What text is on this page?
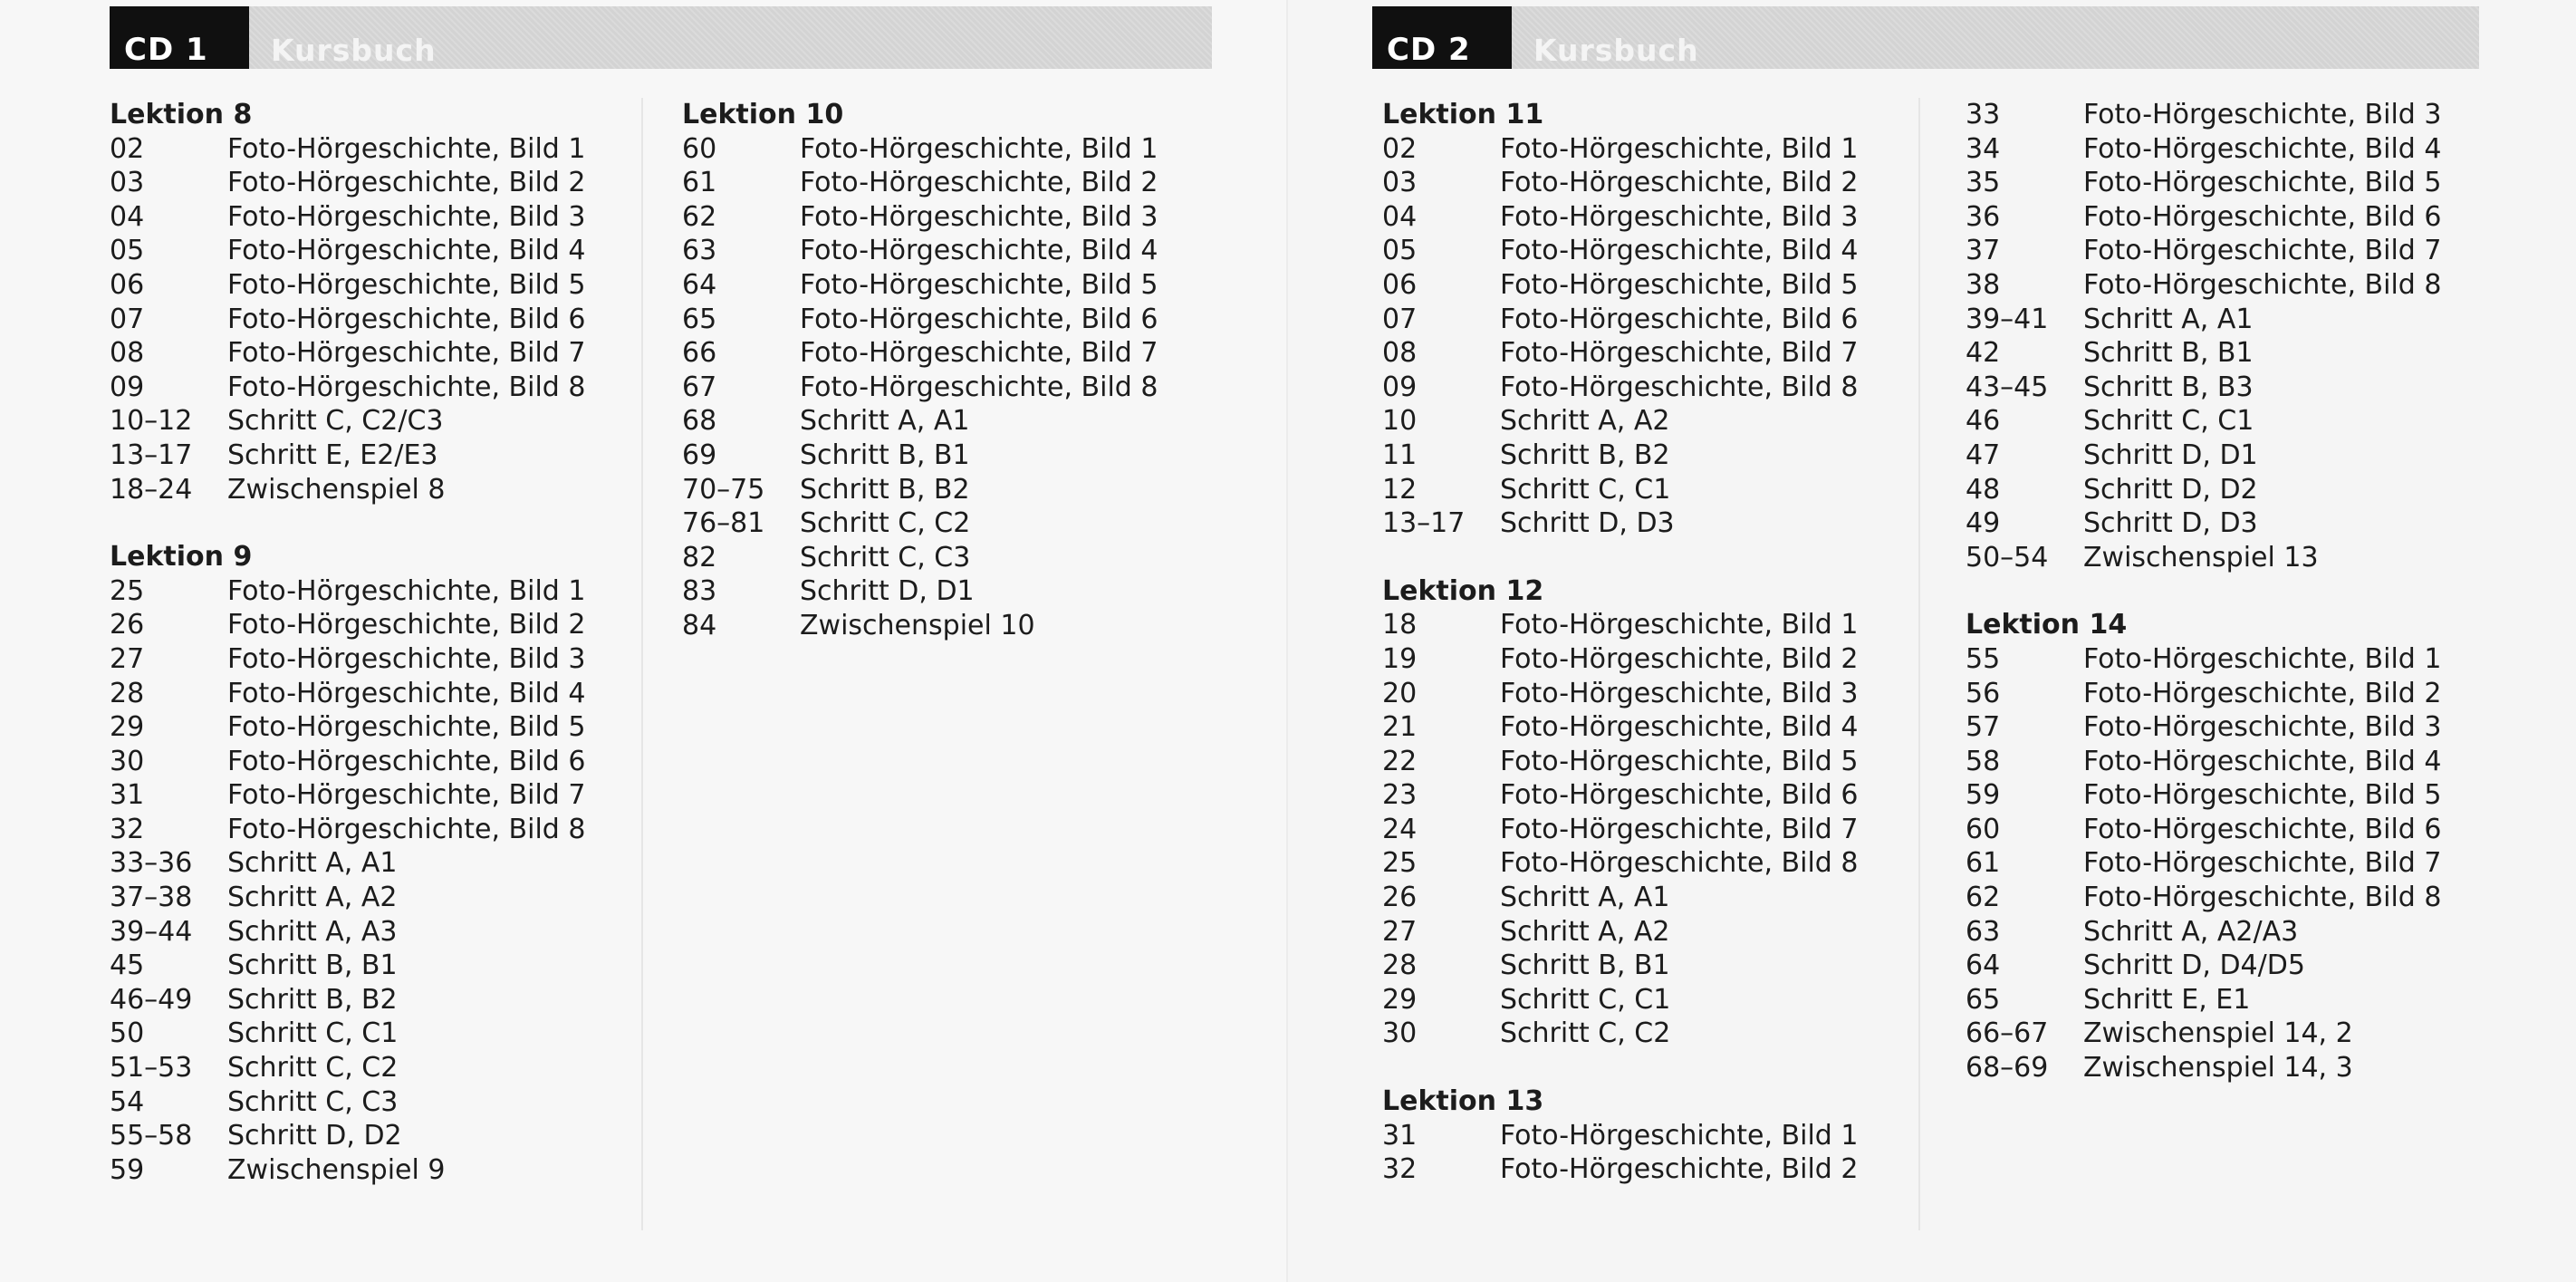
CD 1	Kursbuch
Lektion 8
02	Foto-Hörgeschichte, Bild 1
03	Foto-Hörgeschichte, Bild 2
04	Foto-Hörgeschichte, Bild 3
05	Foto-Hörgeschichte, Bild 4
06	Foto-Hörgeschichte, Bild 5
07	Foto-Hörgeschichte, Bild 6
08	Foto-Hörgeschichte, Bild 7
09	Foto-Hörgeschichte, Bild 8
10–12	Schritt C, C2/C3
13–17	Schritt E, E2/E3
18–24	Zwischenspiel 8
Lektion 9
25	Foto-Hörgeschichte, Bild 1
26	Foto-Hörgeschichte, Bild 2
27	Foto-Hörgeschichte, Bild 3
28	Foto-Hörgeschichte, Bild 4
29	Foto-Hörgeschichte, Bild 5
30	Foto-Hörgeschichte, Bild 6
31	Foto-Hörgeschichte, Bild 7
32	Foto-Hörgeschichte, Bild 8
33–36	Schritt A, A1
37–38	Schritt A, A2
39–44	Schritt A, A3
45	Schritt B, B1
46–49	Schritt B, B2
50	Schritt C, C1
51–53	Schritt C, C2
54	Schritt C, C3
55–58	Schritt D, D2
59	Zwischenspiel 9
Lektion 10
60	Foto-Hörgeschichte, Bild 1
61	Foto-Hörgeschichte, Bild 2
62	Foto-Hörgeschichte, Bild 3
63	Foto-Hörgeschichte, Bild 4
64	Foto-Hörgeschichte, Bild 5
65	Foto-Hörgeschichte, Bild 6
66	Foto-Hörgeschichte, Bild 7
67	Foto-Hörgeschichte, Bild 8
68	Schritt A, A1
69	Schritt B, B1
70–75	Schritt B, B2
76–81	Schritt C, C2
82	Schritt C, C3
83	Schritt D, D1
84	Zwischenspiel 10
CD 2	Kursbuch
Lektion 11
02	Foto-Hörgeschichte, Bild 1
03	Foto-Hörgeschichte, Bild 2
04	Foto-Hörgeschichte, Bild 3
05	Foto-Hörgeschichte, Bild 4
06	Foto-Hörgeschichte, Bild 5
07	Foto-Hörgeschichte, Bild 6
08	Foto-Hörgeschichte, Bild 7
09	Foto-Hörgeschichte, Bild 8
10	Schritt A, A2
11	Schritt B, B2
12	Schritt C, C1
13–17	Schritt D, D3
Lektion 12
18	Foto-Hörgeschichte, Bild 1
19	Foto-Hörgeschichte, Bild 2
20	Foto-Hörgeschichte, Bild 3
21	Foto-Hörgeschichte, Bild 4
22	Foto-Hörgeschichte, Bild 5
23	Foto-Hörgeschichte, Bild 6
24	Foto-Hörgeschichte, Bild 7
25	Foto-Hörgeschichte, Bild 8
26	Schritt A, A1
27	Schritt A, A2
28	Schritt B, B1
29	Schritt C, C1
30	Schritt C, C2
Lektion 13
31	Foto-Hörgeschichte, Bild 1
32	Foto-Hörgeschichte, Bild 2
33	Foto-Hörgeschichte, Bild 3
34	Foto-Hörgeschichte, Bild 4
35	Foto-Hörgeschichte, Bild 5
36	Foto-Hörgeschichte, Bild 6
37	Foto-Hörgeschichte, Bild 7
38	Foto-Hörgeschichte, Bild 8
39–41	Schritt A, A1
42	Schritt B, B1
43–45	Schritt B, B3
46	Schritt C, C1
47	Schritt D, D1
48	Schritt D, D2
49	Schritt D, D3
50–54	Zwischenspiel 13
Lektion 14
55	Foto-Hörgeschichte, Bild 1
56	Foto-Hörgeschichte, Bild 2
57	Foto-Hörgeschichte, Bild 3
58	Foto-Hörgeschichte, Bild 4
59	Foto-Hörgeschichte, Bild 5
60	Foto-Hörgeschichte, Bild 6
61	Foto-Hörgeschichte, Bild 7
62	Foto-Hörgeschichte, Bild 8
63	Schritt A, A2/A3
64	Schritt D, D4/D5
65	Schritt E, E1
66–67	Zwischenspiel 14, 2
68–69	Zwischenspiel 14, 3
